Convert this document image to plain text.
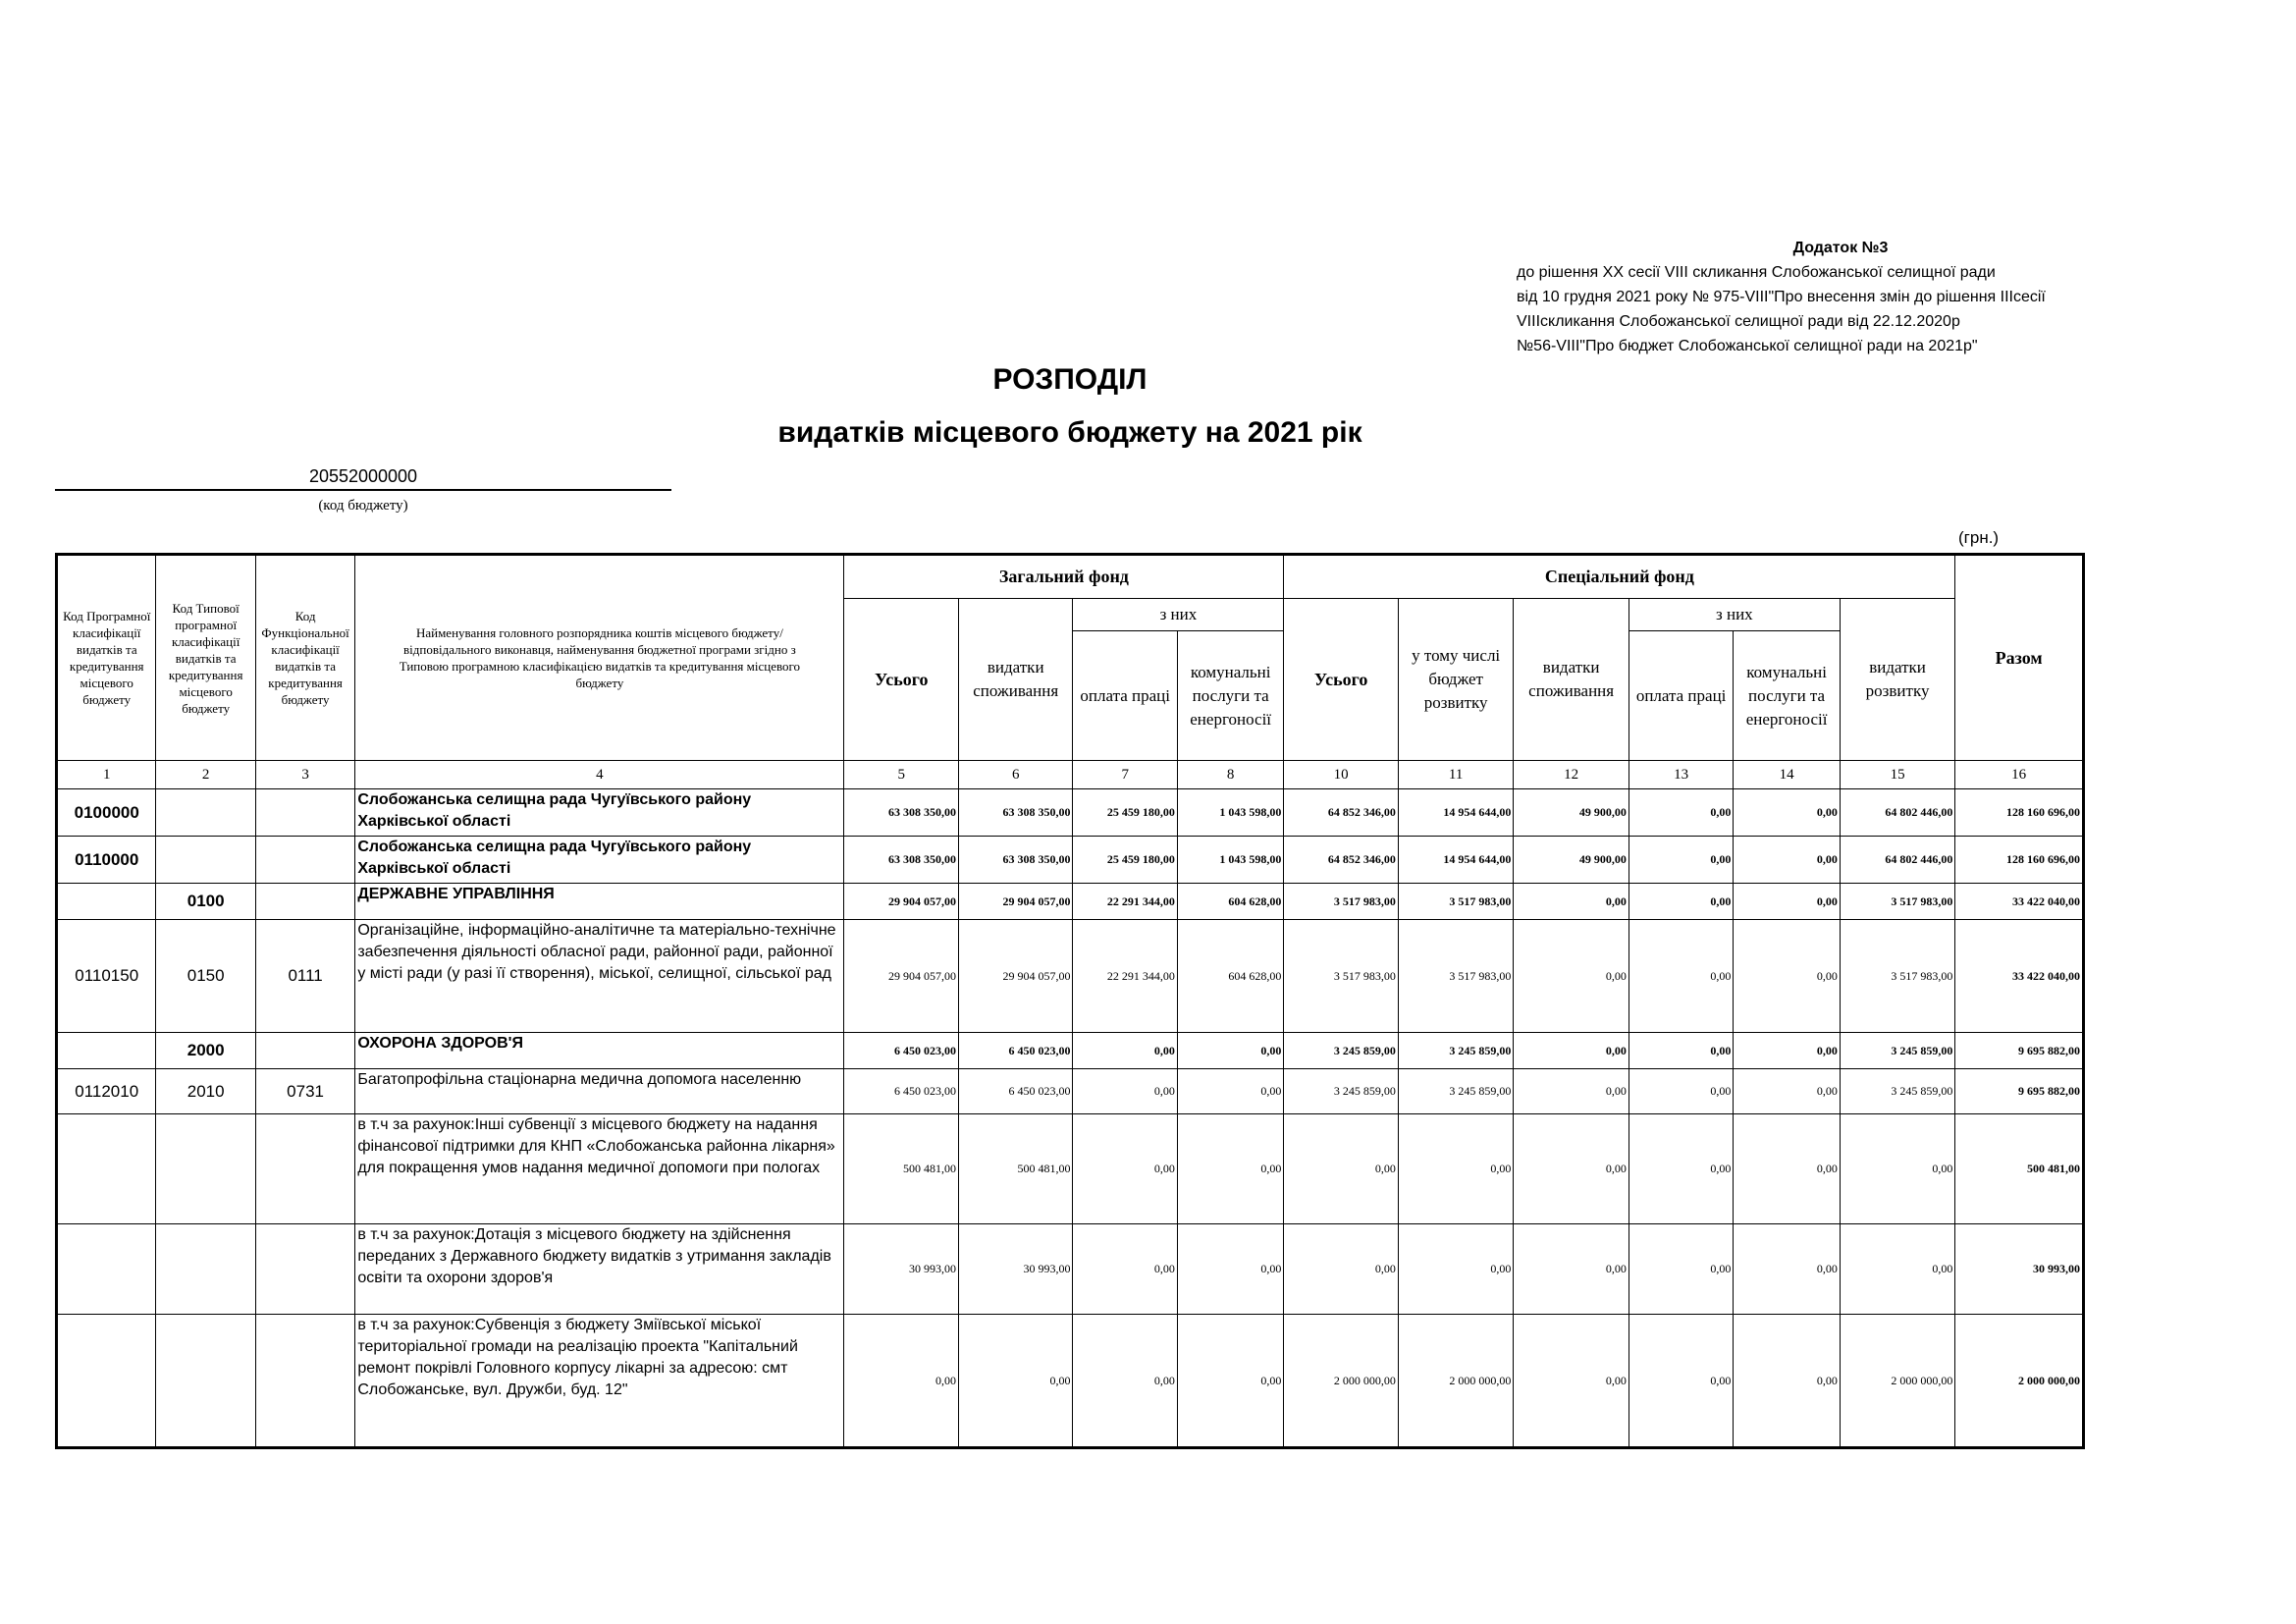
Додаток №3
до рішення ХХ сесії VIII скликання Слобожанської селищної ради
від 10 грудня 2021 року № 975-VIII"Про внесення змін до рішення IIIсесії
VIIIскликання Слобожанської селищної ради від 22.12.2020р
№56-VIII"Про бюджет Слобожанської селищної ради на 2021р"
РОЗПОДІЛ
видатків місцевого бюджету на 2021 рік
20552000000
(код бюджету)
(грн.)
Код Програмної класифікації видатків та кредитування місцевого бюджету	Код Типової програмної класифікації видатків та кредитування місцевого бюджету	Код Функціональної класифікації видатків та кредитування бюджету	Найменування головного розпорядника коштів місцевого бюджету/ відповідального виконавця, найменування бюджетної програми згідно з Типовою програмною класифікацією видатків та кредитування місцевого бюджету	Загальний фонд				Спеціальний фонд						Разом
				Усього	видатки споживання	з них		Усього	у тому числі бюджет розвитку	видатки споживання	з них		видатки розвитку	
						оплата праці	комунальні послуги та енергоносії				оплата праці	комунальні послуги та енергоносії		
1	2	3	4	5	6	7	8	10	11	12	13	14	15	16
0100000			Слобожанська селищна рада Чугуївського району Харківської області	63 308 350,00	63 308 350,00	25 459 180,00	1 043 598,00	64 852 346,00	14 954 644,00	49 900,00	0,00	0,00	64 802 446,00	128 160 696,00
0110000			Слобожанська селищна рада Чугуївського району Харківської області	63 308 350,00	63 308 350,00	25 459 180,00	1 043 598,00	64 852 346,00	14 954 644,00	49 900,00	0,00	0,00	64 802 446,00	128 160 696,00
	0100		ДЕРЖАВНЕ УПРАВЛІННЯ	29 904 057,00	29 904 057,00	22 291 344,00	604 628,00	3 517 983,00	3 517 983,00	0,00	0,00	0,00	3 517 983,00	33 422 040,00
0110150	0150	0111	Організаційне, інформаційно-аналітичне та матеріально-технічне забезпечення діяльності обласної ради, районної ради, районної у місті ради (у разі її створення), міської, селищної, сільської рад	29 904 057,00	29 904 057,00	22 291 344,00	604 628,00	3 517 983,00	3 517 983,00	0,00	0,00	0,00	3 517 983,00	33 422 040,00
	2000		ОХОРОНА ЗДОРОВ'Я	6 450 023,00	6 450 023,00	0,00	0,00	3 245 859,00	3 245 859,00	0,00	0,00	0,00	3 245 859,00	9 695 882,00
0112010	2010	0731	Багатопрофільна стаціонарна медична допомога населенню	6 450 023,00	6 450 023,00	0,00	0,00	3 245 859,00	3 245 859,00	0,00	0,00	0,00	3 245 859,00	9 695 882,00
			в т.ч за рахунок:Інші субвенції з місцевого бюджету на надання фінансової підтримки для КНП «Слобожанська районна лікарня» для покращення умов надання медичної допомоги при пологах	500 481,00	500 481,00	0,00	0,00	0,00	0,00	0,00	0,00	0,00	0,00	500 481,00
			в т.ч за рахунок:Дотація з місцевого бюджету на здійснення переданих з Державного бюджету видатків з утримання закладів освіти та охорони здоров'я	30 993,00	30 993,00	0,00	0,00	0,00	0,00	0,00	0,00	0,00	0,00	30 993,00
			в т.ч за рахунок:Субвенція з бюджету Зміївської міської територіальної громади на реалізацію проекта "Капітальний ремонт покрівлі Головного корпусу лікарні за адресою: смт Слобожанське, вул. Дружби, буд. 12"	0,00	0,00	0,00	0,00	2 000 000,00	2 000 000,00	0,00	0,00	0,00	2 000 000,00	2 000 000,00
